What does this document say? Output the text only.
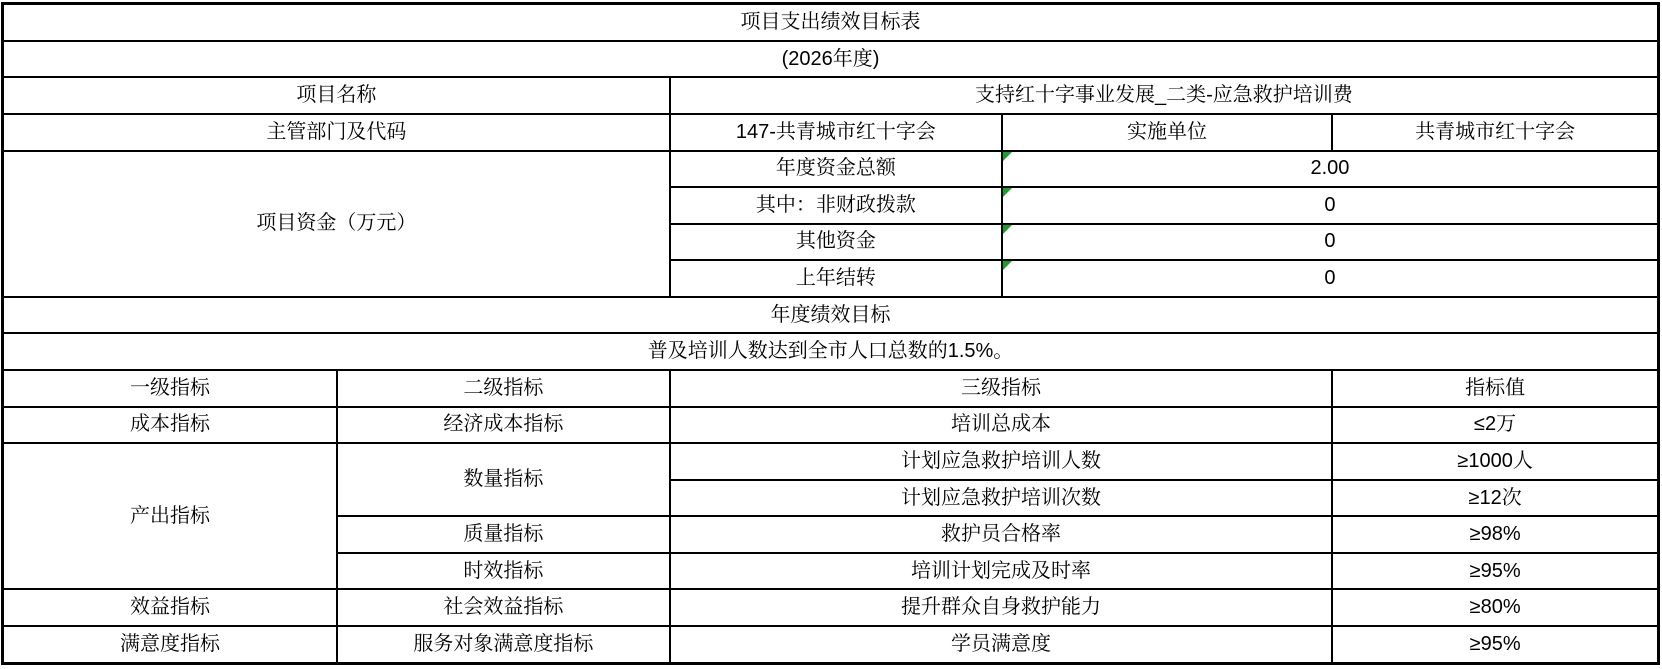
项目支出绩效目标表				
(2026年度)				
项目名称		支持红十字事业发展_二类-应急救护培训费		
主管部门及代码		147-共青城市红十字会	实施单位	共青城市红十字会
项目资金（万元）		年度资金总额	2.00	
		其中：非财政拨款	0	
		其他资金	0	
		上年结转	0	
年度绩效目标				
普及培训人数达到全市人口总数的1.5%。				
一级指标	二级指标	三级指标		指标值
成本指标	经济成本指标	培训总成本		≤2万
产出指标	数量指标	计划应急救护培训人数		≥1000人
		计划应急救护培训次数		≥12次
	质量指标	救护员合格率		≥98%
	时效指标	培训计划完成及时率		≥95%
效益指标	社会效益指标	提升群众自身救护能力		≥80%
满意度指标	服务对象满意度指标	学员满意度		≥95%
